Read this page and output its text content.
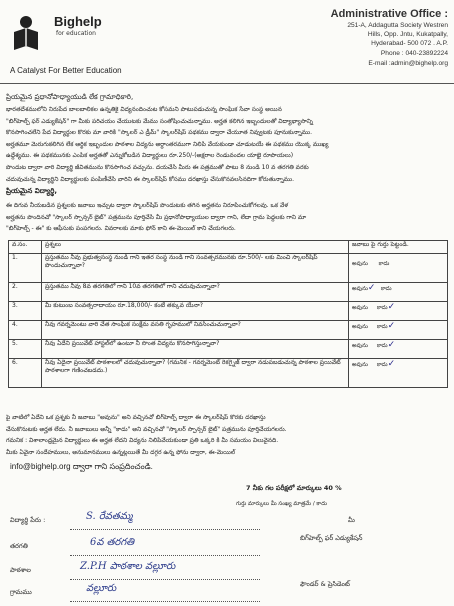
Bighelp
for education
A Catalyst For Better Education
Administrative Office :
251-A, Addagutta Society Westren
Hills, Opp. Jntu, Kukatpally,
Hyderabad- 500 072 . A.P.
Phone : 040-23892224
E-mail :admin@bighelp.org
ప్రియమైన ప్రధానోపాధ్యాయుడి లేక గ్రామాధికారి,
భారతదేశములోని నిరుపేద బాలబాలికల ఉన్నతికై విద్యనందించుట కోసమని పాటుపడుచున్న సాంఘిక సేవా సంస్థ అయిన
"బిగ్‌హెల్ప్ ఫర్ ఎడ్యుకేషన్" గా మీకు పరిచయం చేయుటకు మేము సంతోషించుచున్నాము. అర్హత కలిగిన ఇబ్బందులతో విద్యాభ్యాసాన్ని
కొనసాగించలేని పేద విద్యార్థుల కొరకు మా వారికి "స్కాలర్ ఎ డ్రీమ్" స్కాలర్‌షిప్ పథకము ద్వారా చేయూత నివ్వుటకు పూనుకున్నాము.
అర్హతమూ మెరుగుకలిగిన లేక ఆర్థిక ఇబ్బందుల పాఠశాల విద్యను అర్ధాంతరముగా నిలిపి వేయకుండా చూడుటయే ఈ పథకము యొక్క ముఖ్య
ఉద్దేశ్యము. ఈ పథకమునకు ఎంపిక అర్హతతో ఎన్నుకోబడిన విద్యార్థులు రూ.250/-(అక్షరాల రెండువందల యాభై రూపాయలు)
పొందుట ద్వారా వారి విద్యార్థి జీవితమును కొనసాగించ వచ్చును. దయచేసి మీరు ఈ పత్రముతో పాటు 8 నుండి 10 వ తరగతి వరకు
చదువుచున్న విద్యార్థిని విద్యార్థులకు పంపిణీచేసి వారిని ఈ స్కాలర్‌షిప్ కోసము దరఖాస్తు చేసుకొనవలసినదిగా కోరుతున్నాము.
ప్రియమైన విద్యార్థి,
ఈ దిగువ నీయబడిన ప్రశ్నలకు జవాబు ఇచ్చుట ద్వారా స్కాలర్‌షిప్ పొందుటకు తగిన అర్హతను నిరూపించుకోగలవు. ఒక వేళ
అర్హతను పొందినచో "స్కాలర్ స్పాన్సర్ బైట్" పత్రమును పూర్తిచేసి మీ ప్రధానోపాధ్యాయుల ద్వారా గాని, లేదా గ్రామ పెద్దలకు గాని మా
"బిగ్‌హెల్ప్‌ - ఈ" కు ఆఫీసుకు పంపగలరు. వివరాలకు మాకు ఫోన్ కాని ఈ-మెయిల్ కాని చేయగలరు.
వ.సం.	ప్రశ్నలు	జవాబు పై గుర్తు పెట్టండి.
1.	ప్రస్తుతము నీవు ప్రభుత్వసంస్థ నుండి గాని ఇతర సంస్థ నుండి గాని సంవత్సరమునకు రూ.500/- లకు మించి స్కాలర్‌షిప్ పొందుచున్నావా?	అవును కాదు
2.	ప్రస్తుతము నీవు 8వ తరగతిలో గాని 10వ తరగతిలో గాని చదువుచున్నావా?	అవును✓ కాదు
3.	మీ కుటుంబ సంవత్సరాదాయం రూ.18,000/- కంటే తక్కువ యేనా?	అవును కాదు✓
4.	నీవు గవర్నమెంటు వారి చేత సాంఘిక సంక్షేమ వసతి గృహములో నివసించుచున్నావా?	అవును కాదు✓
5.	నీవు ఏదేని ప్రయివేట్ హాస్టల్‌లో ఉంటూ నీ సొంత విద్యను కొనసాగిస్తున్నావా?	అవును కాదు✓
6.	నీవు ఏదైనా ప్రయివేట్ పాఠశాలలో చదువుచున్నావా? (గమనిక - గవర్నమెంట్ రెకగ్నైజ్ ద్వారా నడుపబడుచున్న పాఠశాల ప్రయివేట్ పాఠశాలగా గణించబడదు.)	అవును కాదు✓
పై వాటిలో ఏదేని ఒక ప్రశ్నకు నీ జవాబు "అవును" అని వచ్చినచో బిగ్‌హెల్ప్ ద్వారా ఈ స్కాలర్‌షిప్ కొరకు దరఖాస్తు
చేసుకొనుటకు అర్హత లేదు. నీ జవాబులు అన్నీ "కాదు" అని వచ్చినచో "స్కాలర్ స్పాన్సర్ బైట్" పత్రమును పూర్తిచేయగలరు.
గమనిక : విశాలాంధ్రమైన విద్యార్థులు ఈ అర్హత లేదని విద్యను నిలిపివేయకుండా ప్రతి ఒక్కరి కి మీ సమయం విలువైనది.
మీకు ఏవైనా సందేహములు, అనుమానములు ఉన్నట్లయితే మీ దగ్గర ఉన్న ఫోను ద్వారా, ఈ-మెయిల్
info@bighelp.org ద్వారా గాని సంప్రదించండి.
7 నీకు గల పరీక్షలో మార్కులు 40 %
గుర్తు మార్కులు మీ సంఖ్య మాత్రమే / కాదు
విద్యార్థి పేరు :	S. రేవతమ్మ
తరగతి	6వ తరగతి
పాఠశాల	Z.P.H పాఠశాల వల్లూరు
గ్రామము	వల్లూరు
మీ
బిగ్‌హెల్ప్ ఫర్ ఎడ్యుకేషన్
ఫౌండర్ & ప్రెసిడెంట్
